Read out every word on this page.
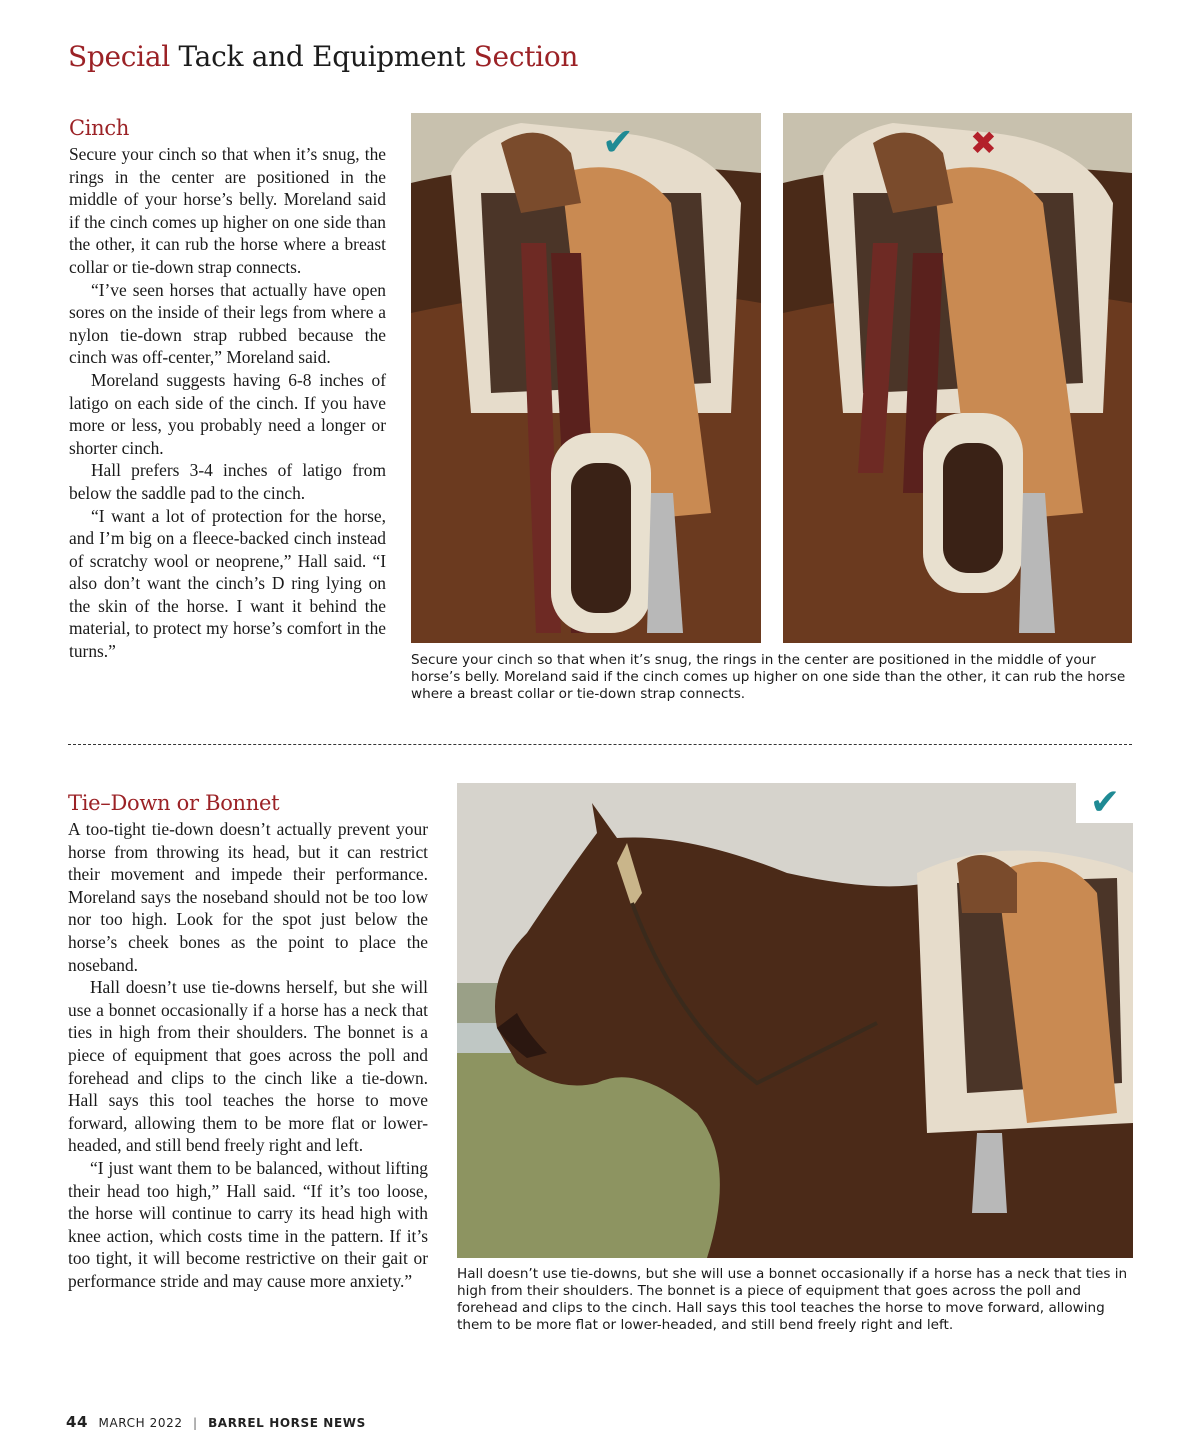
Special Tack and Equipment Section
Cinch

Secure your cinch so that when it’s snug, the rings in the center are positioned in the middle of your horse’s belly. Moreland said if the cinch comes up higher on one side than the other, it can rub the horse where a breast collar or tie-down strap connects.

“I’ve seen horses that actually have open sores on the inside of their legs from where a nylon tie-down strap rubbed because the cinch was off-center,” Moreland said.

Moreland suggests having 6-8 inches of latigo on each side of the cinch. If you have more or less, you probably need a longer or shorter cinch.

Hall prefers 3-4 inches of latigo from below the saddle pad to the cinch.

“I want a lot of protection for the horse, and I’m big on a fleece-backed cinch instead of scratchy wool or neoprene,” Hall said. “I also don’t want the cinch’s D ring lying on the skin of the horse. I want it behind the material, to protect my horse’s comfort in the turns.”

✔	✖
Secure your cinch so that when it’s snug, the rings in the center are positioned in the middle of your horse’s belly. Moreland said if the cinch comes up higher on one side than the other, it can rub the horse where a breast collar or tie-down strap connects.
Tie–Down or Bonnet

A too-tight tie-down doesn’t actually prevent your horse from throwing its head, but it can restrict their movement and impede their performance. Moreland says the noseband should not be too low nor too high. Look for the spot just below the horse’s cheek bones as the point to place the noseband.

Hall doesn’t use tie-downs herself, but she will use a bonnet occasionally if a horse has a neck that ties in high from their shoulders. The bonnet is a piece of equipment that goes across the poll and forehead and clips to the cinch like a tie-down. Hall says this tool teaches the horse to move forward, allowing them to be more flat or lower-headed, and still bend freely right and left.

“I just want them to be balanced, without lifting their head too high,” Hall said. “If it’s too loose, the horse will continue to carry its head high with knee action, which costs time in the pattern. If it’s too tight, it will become restrictive on their gait or performance stride and may cause more anxiety.”

✔
Hall doesn’t use tie-downs, but she will use a bonnet occasionally if a horse has a neck that ties in high from their shoulders. The bonnet is a piece of equipment that goes across the poll and forehead and clips to the cinch. Hall says this tool teaches the horse to move forward, allowing them to be more flat or lower-headed, and still bend freely right and left.
44 MARCH 2022 | BARREL HORSE NEWS
